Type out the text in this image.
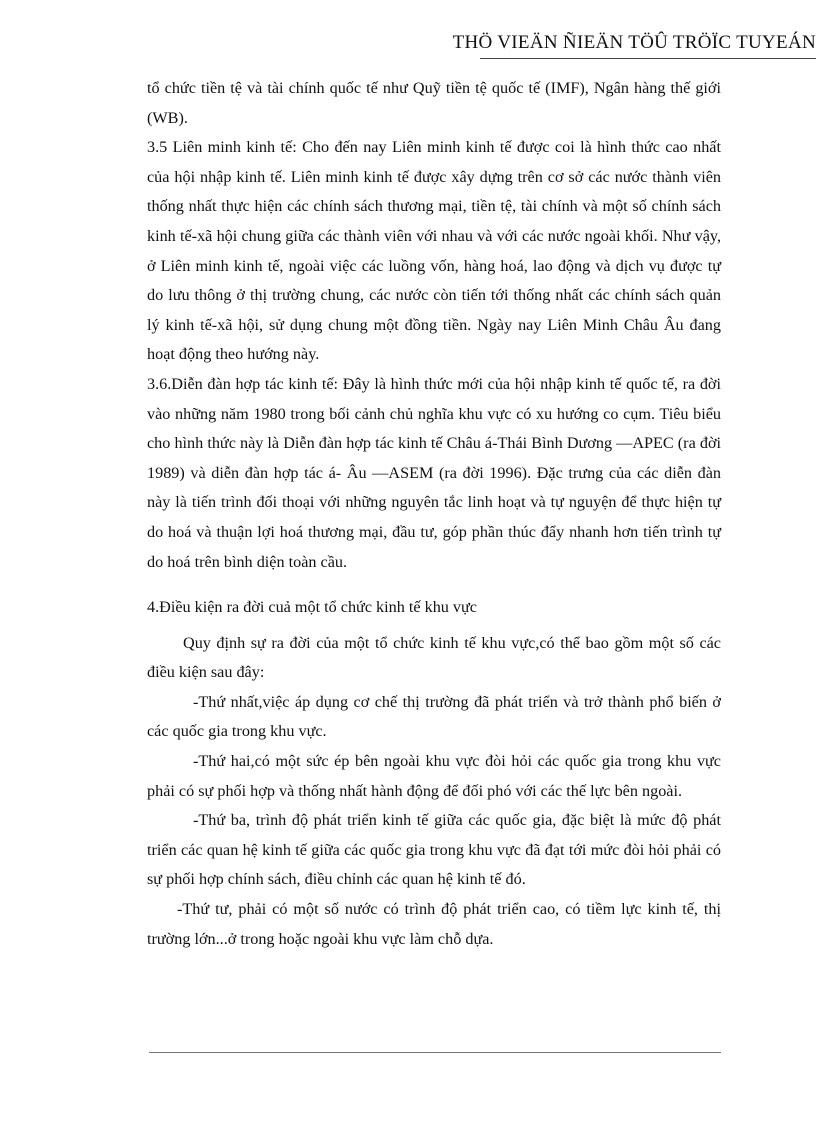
THÖ VIEÄN ÑIEÄN TÖÛ TRÖÏC TUYEÁN

tổ chức tiền tệ và tài chính quốc tế như Quỹ tiền tệ quốc tế (IMF), Ngân hàng thế giới (WB).

3.5 Liên minh kinh tế: Cho đến nay Liên minh kinh tế được coi là hình thức cao nhất của hội nhập kinh tế. Liên minh kinh tế được xây dựng trên cơ sở các nước thành viên thống nhất thực hiện các chính sách thương mại, tiền tệ, tài chính và một số chính sách kinh tế-xã hội chung giữa các thành viên với nhau và với các nước ngoài khối. Như vậy, ở Liên minh kinh tế, ngoài việc các luồng vốn, hàng hoá, lao động và dịch vụ được tự do lưu thông ở thị trường chung, các nước còn tiến tới thống nhất các chính sách quản lý kinh tế-xã hội, sử dụng chung một đồng tiền. Ngày nay Liên Minh Châu Âu đang hoạt động theo hướng này.

3.6.Diễn đàn hợp tác kinh tế: Đây là hình thức mới của hội nhập kinh tế quốc tế, ra đời vào những năm 1980 trong bối cảnh chủ nghĩa khu vực có xu hướng co cụm. Tiêu biểu cho hình thức này là Diễn đàn hợp tác kinh tế Châu á-Thái Bình Dương —APEC (ra đời 1989) và diễn đàn hợp tác á- Âu —ASEM (ra đời 1996). Đặc trưng của các diễn đàn này là tiến trình đối thoại với những nguyên tắc linh hoạt và tự nguyện để thực hiện tự do hoá và thuận lợi hoá thương mại, đầu tư, góp phần thúc đẩy nhanh hơn tiến trình tự do hoá trên bình diện toàn cầu.

4.Điều kiện ra đời cuả một tổ chức kinh tế khu vực

Quy định sự ra đời của một tổ chức kinh tế khu vực,có thể bao gồm một số các điều kiện sau đây:

-Thứ nhất,việc áp dụng cơ chế thị trường đã phát triển và trở thành phổ biến ở các quốc gia trong khu vực.

-Thứ hai,có một sức ép bên ngoài khu vực đòi hỏi các quốc gia trong khu vực phải có sự phối hợp và thống nhất hành động để đối phó với các thế lực bên ngoài.

-Thứ ba, trình độ phát triển kinh tế giữa các quốc gia, đặc biệt là mức độ phát triển các quan hệ kinh tế giữa các quốc gia trong khu vực đã đạt tới mức đòi hỏi phải có sự phối hợp chính sách, điều chỉnh các quan hệ kinh tế đó.

-Thứ tư, phải có một số nước có trình độ phát triển cao, có tiềm lực kinh tế, thị trường lớn...ở trong hoặc ngoài khu vực làm chỗ dựa.
